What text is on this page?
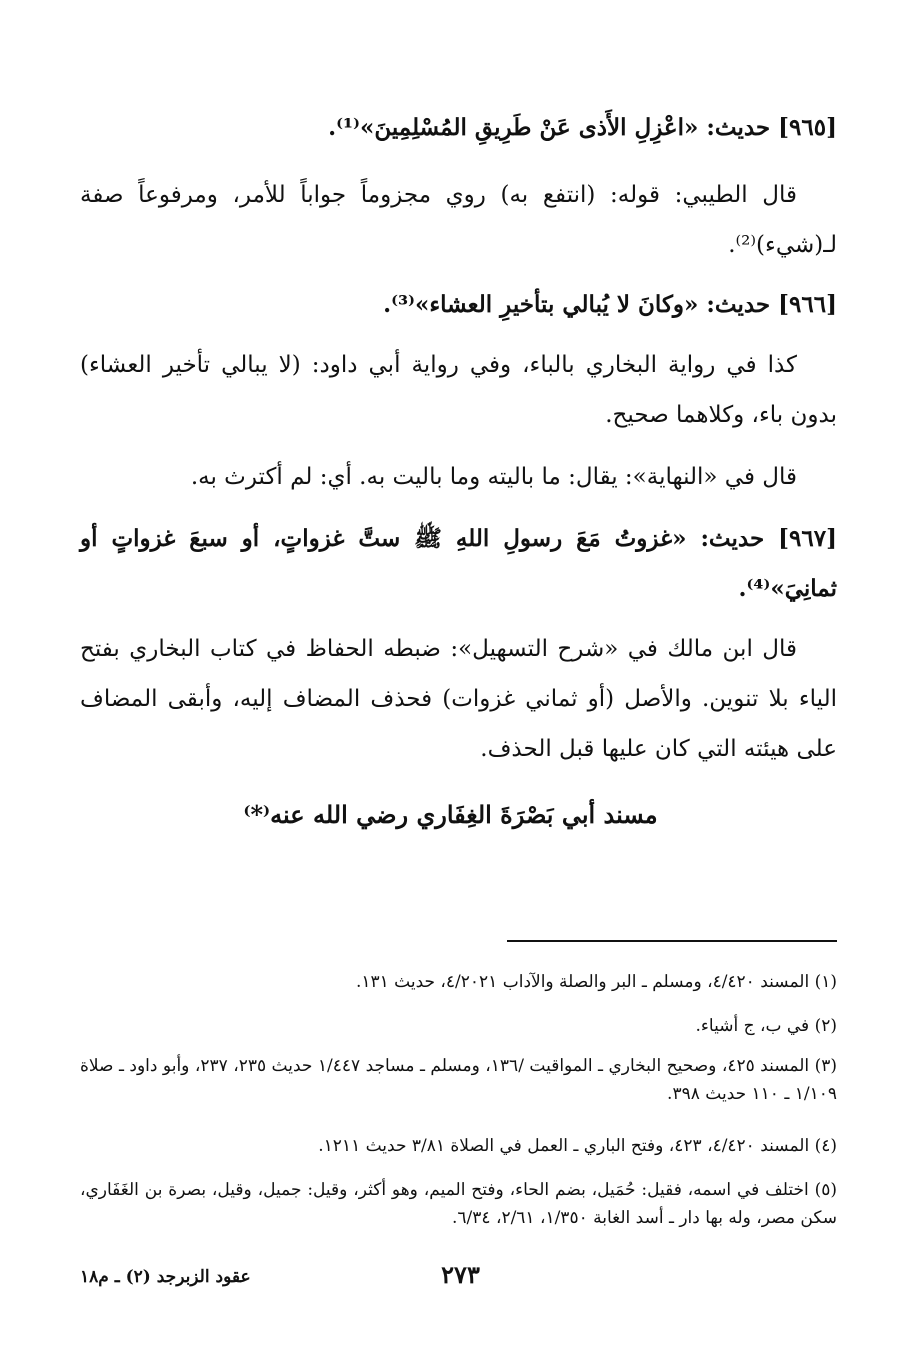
[٩٦٥] حديث: «اعْزِلِ الأَذى عَنْ طَرِيقِ المُسْلِمِينَ»⁽¹⁾.
قال الطيبي: قوله: (انتفع به) روي مجزوماً جواباً للأمر، ومرفوعاً صفة لـ(شيء)⁽²⁾.
[٩٦٦] حديث: «وكانَ لا يُبالي بتأخيرِ العشاء»⁽³⁾.
كذا في رواية البخاري بالباء، وفي رواية أبي داود: (لا يبالي تأخير العشاء) بدون باء، وكلاهما صحيح.
قال في «النهاية»: يقال: ما باليته وما باليت به. أي: لم أكترث به.
[٩٦٧] حديث: «غزوتُ مَعَ رسولِ اللهِ ﷺ ستَّ غزواتٍ، أو سبعَ غزواتٍ أو ثمانِيَ»⁽⁴⁾.
قال ابن مالك في «شرح التسهيل»: ضبطه الحفاظ في كتاب البخاري بفتح الياء بلا تنوين. والأصل (أو ثماني غزوات) فحذف المضاف إليه، وأبقى المضاف على هيئته التي كان عليها قبل الحذف.
مسند أبي بَصْرَةَ الغِفَاري رضي الله عنه⁽*⁾
(١) المسند ٤/٤٢٠، ومسلم ـ البر والصلة والآداب ٤/٢٠٢١، حديث ١٣١.
(٢) في ب، ج أشياء.
(٣) المسند ٤٢٥، وصحيح البخاري ـ المواقيت /١٣٦، ومسلم ـ مساجد ١/٤٤٧ حديث ٢٣٥، ٢٣٧، وأبو داود ـ صلاة ١/١٠٩ ـ ١١٠ حديث ٣٩٨.
(٤) المسند ٤/٤٢٠، ٤٢٣، وفتح الباري ـ العمل في الصلاة ٣/٨١ حديث ١٢١١.
(٥) اختلف في اسمه، فقيل: حُمَيل، بضم الحاء، وفتح الميم، وهو أكثر، وقيل: جميل، وقيل، بصرة بن الغَفَاري، سكن مصر، وله بها دار ـ أسد الغابة ١/٣٥٠، ٢/٦١، ٦/٣٤.
٢٧٣
عقود الزبرجد (٢) ـ م١٨
